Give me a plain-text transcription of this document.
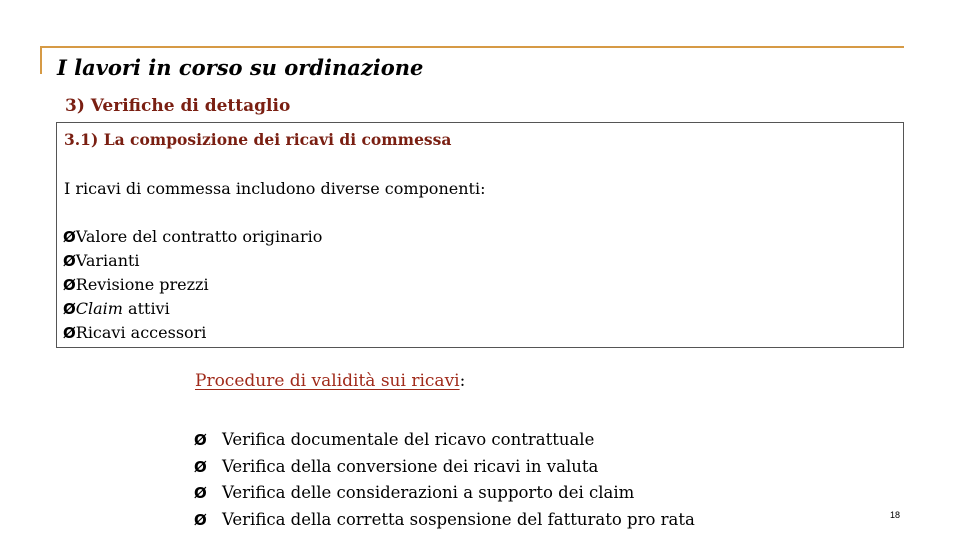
I lavori in corso su ordinazione
3) Verifiche di dettaglio
3.1) La composizione dei ricavi di commessa
I ricavi di commessa includono diverse componenti:
ØValore del contratto originario
ØVarianti
ØRevisione prezzi
ØClaim attivi
ØRicavi accessori
Procedure di validità sui ricavi:
Ø Verifica documentale del ricavo contrattuale
Ø Verifica della conversione dei ricavi in valuta
Ø Verifica delle considerazioni a supporto dei claim
Ø Verifica della corretta sospensione del fatturato pro rata	18
